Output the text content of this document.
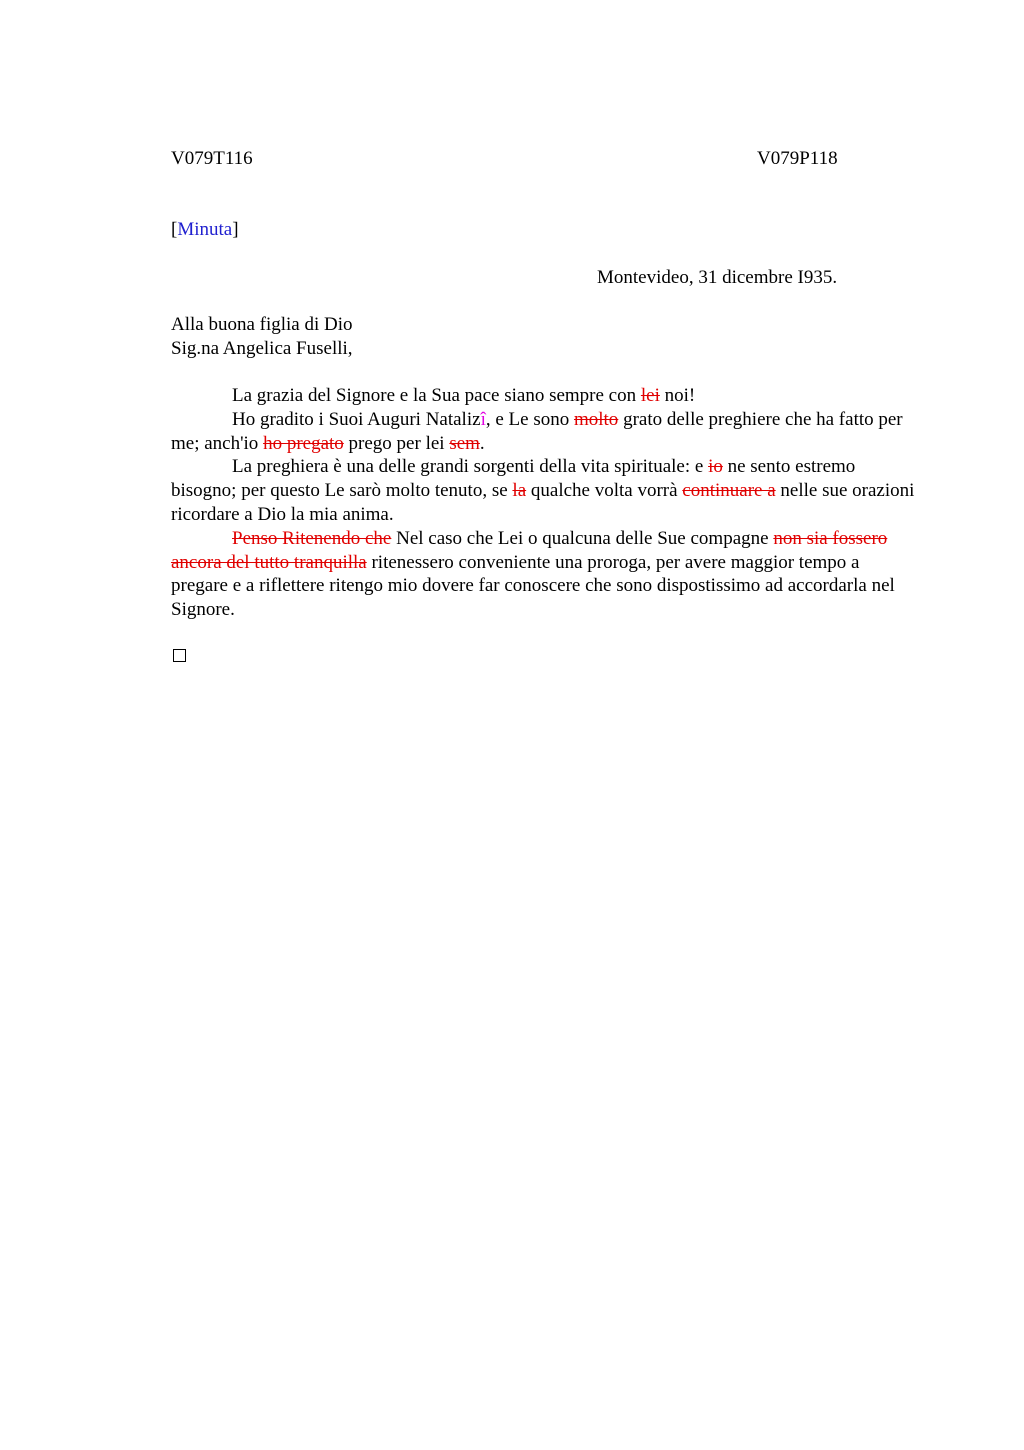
V079T116	V079P118
[Minuta]
Montevideo, 31 dicembre I935.
Alla buona figlia di Dio
Sig.na Angelica Fuselli,

La grazia del Signore e la Sua pace siano sempre con lei noi!

Ho gradito i Suoi Auguri Natalizî, e Le sono molto grato delle preghiere che ha fatto per me; anch'io ho pregato prego per lei sem.

La preghiera è una delle grandi sorgenti della vita spirituale: e io ne sento estremo bisogno; per questo Le sarò molto tenuto, se la qualche volta vorrà continuare a nelle sue orazioni ricordare a Dio la mia anima.

Penso Ritenendo che Nel caso che Lei o qualcuna delle Sue compagne non sia fossero ancora del tutto tranquilla ritenessero conveniente una proroga, per avere maggior tempo a pregare e a riflettere ritengo mio dovere far conoscere che sono dispostissimo ad accordarla nel Signore.
